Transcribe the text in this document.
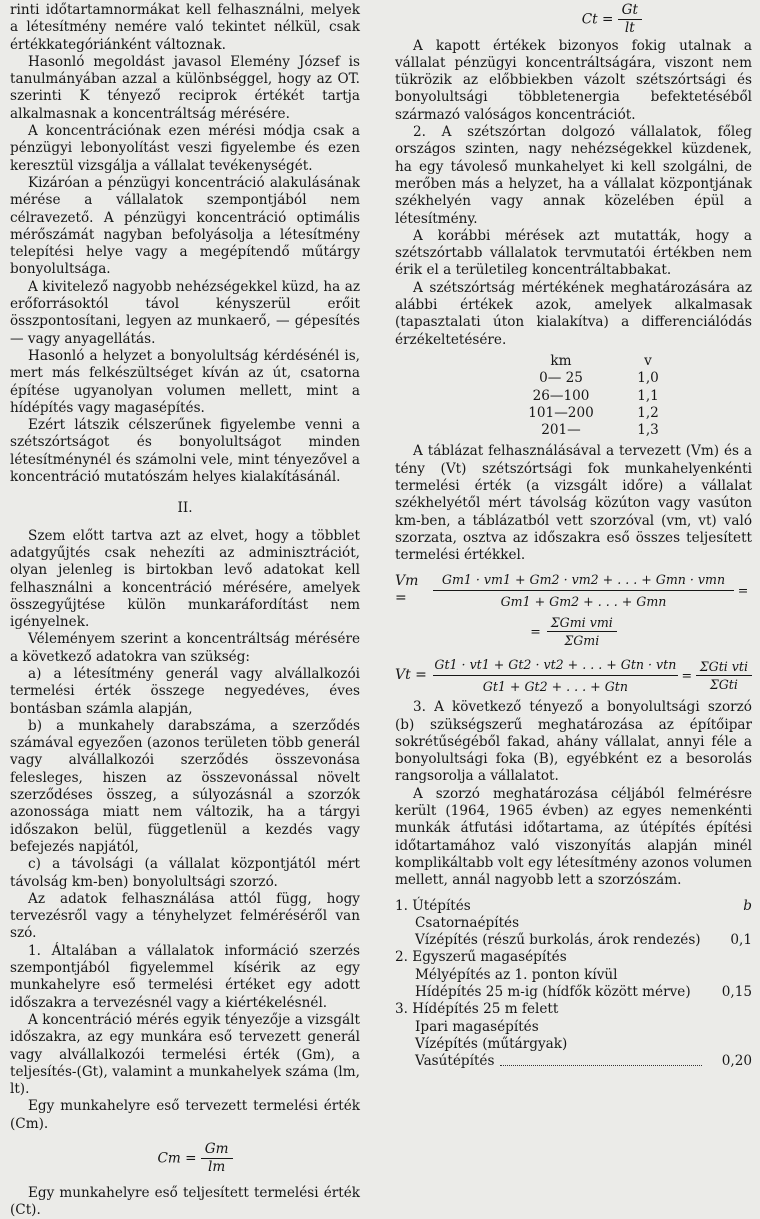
rinti időtartamnormákat kell felhasználni, melyek a létesítmény nemére való tekintet nélkül, csak értékkategóriánként változnak.

Hasonló megoldást javasol Elemény József is tanulmányában azzal a különbséggel, hogy az OT. szerinti K tényező reciprok értékét tartja alkalmasnak a koncentráltság mérésére.

A koncentrációnak ezen mérési módja csak a pénzügyi lebonyolítást veszi figyelembe és ezen keresztül vizsgálja a vállalat tevékenységét.

Kizáróan a pénzügyi koncentráció alakulásának mérése a vállalatok szempontjából nem célravezető. A pénzügyi koncentráció optimális mérőszámát nagyban befolyásolja a létesítmény telepítési helye vagy a megépítendő műtárgy bonyolultsága.

A kivitelező nagyobb nehézségekkel küzd, ha az erőforrásoktól távol kényszerül erőit összpontosítani, legyen az munkaerő, — gépesítés — vagy anyagellátás.

Hasonló a helyzet a bonyolultság kérdésénél is, mert más felkészültséget kíván az út, csatorna építése ugyanolyan volumen mellett, mint a hídépítés vagy magasépítés.

Ezért látszik célszerűnek figyelembe venni a szétszórtságot és bonyolultságot minden létesítménynél és számolni vele, mint tényezővel a koncentráció mutatószám helyes kialakításánál.

II.

Szem előtt tartva azt az elvet, hogy a többlet adatgyűjtés csak nehezíti az adminisztrációt, olyan jelenleg is birtokban levő adatokat kell felhasználni a koncentráció mérésére, amelyek összegyűjtése külön munkaráfordítást nem igényelnek.

Véleményem szerint a koncentráltság mérésére a következő adatokra van szükség:

a) a létesítmény generál vagy alvállalkozói termelési érték összege negyedéves, éves bontásban számla alapján,

b) a munkahely darabszáma, a szerződés számával egyezően (azonos területen több generál vagy alvállalkozói szerződés összevonása felesleges, hiszen az összevonással növelt szerződéses összeg, a súlyozásnál a szorzók azonossága miatt nem változik, ha a tárgyi időszakon belül, függetlenül a kezdés vagy befejezés napjától,

c) a távolsági (a vállalat központjától mért távolság km-ben) bonyolultsági szorzó.

Az adatok felhasználása attól függ, hogy tervezésről vagy a tényhelyzet felméréséről van szó.

1. Általában a vállalatok információ szerzés szempontjából figyelemmel kísérik az egy munkahelyre eső termelési értéket egy adott időszakra a tervezésnél vagy a kiértékelésnél.

A koncentráció mérés egyik tényezője a vizsgált időszakra, az egy munkára eső tervezett generál vagy alvállalkozói termelési érték (Gm), a teljesítés-(Gt), valamint a munkahelyek száma (lm, lt).

Egy munkahelyre eső tervezett termelési érték (Cm).

$Cm = \frac{Gm}{lm}$

Egy munkahelyre eső teljesített termelési érték (Ct).

$Ct = \frac{Gt}{lt}$

A kapott értékek bizonyos fokig utalnak a vállalat pénzügyi koncentráltságára, viszont nem tükrözik az előbbiekben vázolt szétszórtsági és bonyolultsági többletenergia befektetéséből származó valóságos koncentrációt.

2. A szétszórtan dolgozó vállalatok, főleg országos szinten, nagy nehézségekkel küzdenek, ha egy távoleső munkahelyet ki kell szolgálni, de merőben más a helyzet, ha a vállalat központjának székhelyén vagy annak közelében épül a létesítmény.

A korábbi mérések azt mutatták, hogy a szétszórtabb vállalatok tervmutatói értékben nem érik el a területileg koncentráltabbakat.

A szétszórtság mértékének meghatározására az alábbi értékek azok, amelyek alkalmasak (tapasztalati úton kialakítva) a differenciálódás érzékeltetésére.

km	v
0— 25	1,0
26—100	1,1
101—200	1,2
201—	1,3

A táblázat felhasználásával a tervezett (Vm) és a tény (Vt) szétszórtsági fok munkahelyenkénti termelési érték (a vizsgált időre) a vállalat székhelyétől mért távolság közúton vagy vasúton km-ben, a táblázatból vett szorzóval (vm, vt) való szorzata, osztva az időszakra eső összes teljesített termelési értékkel.

Vm =
Gm1 · vm1 + Gm2 · vm2 + . . . + Gmn · vmn
Gm1 + Gm2 + . . . + Gmn
=
= $\frac{\text{ΣGmi vmi}}{\text{ΣGmi}}$
Vt =
Gt1 · vt1 + Gt2 · vt2 + . . . + Gtn · vtn
Gt1 + Gt2 + . . . + Gtn
= $\frac{\text{ΣGti vti}}{\text{ΣGti}}$

3. A következő tényező a bonyolultsági szorzó (b) szükségszerű meghatározása az építőipar sokrétűségéből fakad, ahány vállalat, annyi féle a bonyolultsági foka (B), egyébként ez a besorolás rangsorolja a vállalatot.

A szorzó meghatározása céljából felmérésre került (1964, 1965 évben) az egyes nemenkénti munkák átfutási időtartama, az útépítés építési időtartamához való viszonyítás alapján minél komplikáltabb volt egy létesítmény azonos volumen mellett, annál nagyobb lett a szorzószám.

1. Útépítés	b
Csatornaépítés
Vízépítés (részű burkolás, árok rendezés)	0,1
2. Egyszerű magasépítés
Mélyépítés az 1. ponton kívül
Hídépítés 25 m-ig (hídfők között mérve)	0,15
3. Hídépítés 25 m felett
Ipari magasépítés
Vízépítés (műtárgyak)
Vasútépítés	0,20
